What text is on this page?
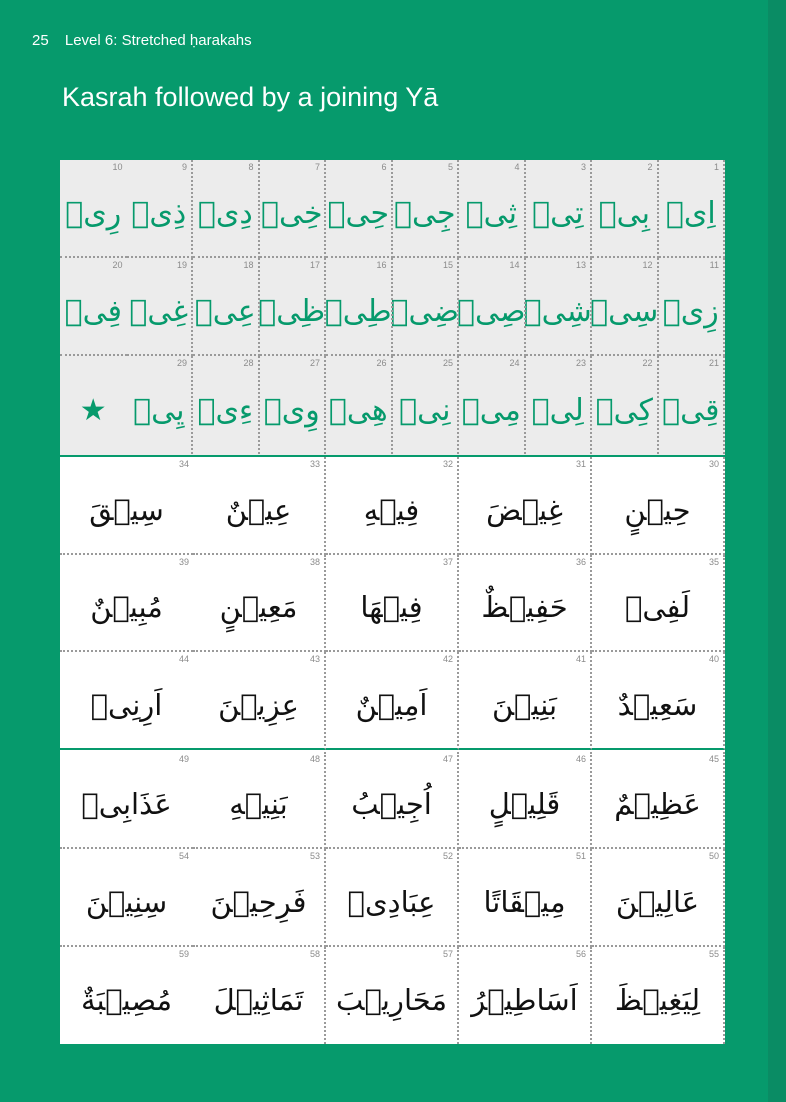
25 Level 6: Stretched ḥarakahs
Kasrah followed by a joining Yā
1
اِیٖ
2
بِیٖ
3
تِیٖ
4
ثِیٖ
5
جِیٖ
6
حِیٖ
7
خِیٖ
8
دِیٖ
9
ذِیٖ
10
رِیٖ
11
زِیٖ
12
سِیٖ
13
شِیٖ
14
صِیٖ
15
ضِیٖ
16
طِیٖ
17
ظِیٖ
18
عِیٖ
19
غِیٖ
20
فِیٖ
21
قِیٖ
22
کِیٖ
23
لِیٖ
24
مِیٖ
25
نِیٖ
26
هِیٖ
27
وِیٖ
28
ءِیٖ
29
یِیٖ
★
30
حِیۡنٍ
31
غِیۡضَ
32
فِیۡهِ
33
عِیۡنٌ
34
سِیۡقَ
35
لَفِیٖ
36
حَفِیۡظٌ
37
فِیۡهَا
38
مَعِیۡنٍ
39
مُبِیۡنٌ
40
سَعِیۡدٌ
41
بَنِیۡنَ
42
اَمِیۡنٌ
43
عِزِیۡنَ
44
اَرِنِیٖ
45
عَظِیۡمٌ
46
قَلِیۡلٍ
47
اُجِیۡبُ
48
بَنِیۡهِ
49
عَذَابِیٖ
50
عَالِیۡنَ
51
مِیۡقَاتًا
52
عِبَادِیٖ
53
فَرِحِیۡنَ
54
سِنِیۡنَ
55
لِیَغِیۡظَ
56
اَسَاطِیۡرُ
57
مَحَارِیۡبَ
58
تَمَاثِیۡلَ
59
مُصِیۡبَةٌ
